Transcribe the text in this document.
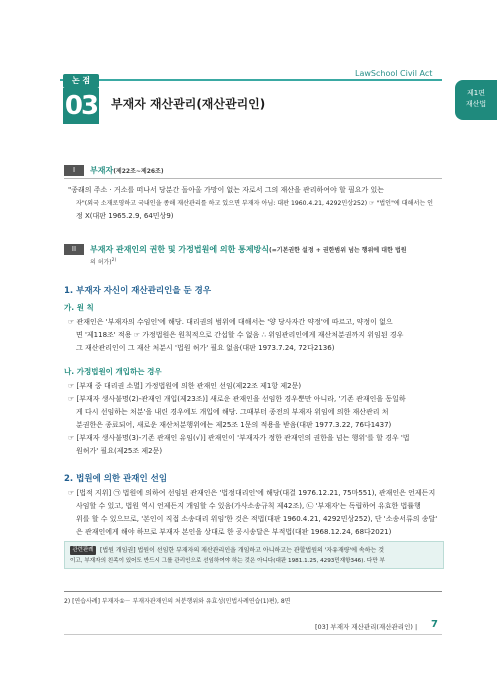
LawSchool Civil Act
논 점
03 부재자 재산관리(재산관리인)
제1편
재산법
I	부재자(제22조~제26조)
"종래의 주소 · 거소를 떠나서 당분간 돌아올 가망이 없는 자로서 그의 재산을 관리하여야 할 필요가 있는
자"(외국 소재로영하고 국내인을 종해 재산관리를 하고 있으면 부재자 아님: 대판 1960.4.21, 4292민상252) ☞ "법인"에 대해서는 인
정 X(대판 1965.2.9, 64민상9)
II	부재자 관재인의 권한 및 가정법원에 의한 통제방식(=기본권한 설정 + 권한범위 넘는 행위에 대한 법원
의 허가)$^{2)}$
1. 부재자 자신이 재산관리인을 둔 경우
가. 원 칙
☞ 관재인은 '부재자의 수임인'에 해당. 대리권의 범위에 대해서는 '양 당사자간 약정'에 따르고, 약정이 없으
면 '제118조' 적용 ☞ 가정법원은 원칙적으로 간섭할 수 없음 ∴ 위임관리인에게 재산처분권까지 위임된 경우
그 재산관리인이 그 재산 처분시 '법원 허가' 필요 없음(대판 1973.7.24, 72다2136)
나. 가정법원이 개입하는 경우
☞ [부재 중 대리권 소멸] 가정법원에 의한 관재인 선임(제22조 제1항 제2문)
☞ [부재자 생사불명(2)-관재인 개입(제23조)] 새로운 관재인을 선임한 경우뿐만 아니라, '기존 관재인을 동일하
게 다시 선임하는 처분'을 내린 경우에도 개입에 해당. 그때부터 종전의 부재자 위임에 의한 재산관리 처
분권한은 종료되어, 새로운 재산처분행위에는 제25조 1문의 적용을 받음(대판 1977.3.22, 76다1437)
☞ [부재자 생사불명(3)-기존 관재인 유임(√)] 관재인이 '부재자가 정한 관재인의 권한을 넘는 행위'를 할 경우 '법
원허가' 필요(제25조 제2문)
2. 법원에 의한 관재인 선임
☞ [법적 지위] ㉠ 법원에 의하여 선임된 관재인은 '법정대리인'에 해당(대결 1976.12.21, 75마551), 관재인은 언제든지
사임할 수 있고, 법원 역시 언제든지 개임할 수 있음(가사소송규칙 제42조), ㉡ '부재자'는 독립하여 유효한 법률행
위를 할 수 있으므로, '본인이 직접 소송대리 위임'한 것은 적법(대판 1960.4.21, 4292민상252), 단 '소송서류의 송달'
은 관재인에게 해야 하므로 부재자 본인을 상대로 한 공시송달은 부적법(대판 1968.12.24, 68다2021)
관련판례	[법원 개임권] 법원이 선임한 부재자의 재산관리인을 개임하고 아니하고는 관할법원의 '자유재량'에 속하는 것
이고, 부재자의 친족이 있어도 반드시 그를 관리인으로 선임하여야 하는 것은 아니다(대판 1981.1.25, 4293민재항346). 다만 부
2) [연습사례] 부재자①－ 부재자관재인의 처분행위와 유효성(민법사례연습(1)편), 8면
[03] 부재자 재산관리(재산관리인) | 7
